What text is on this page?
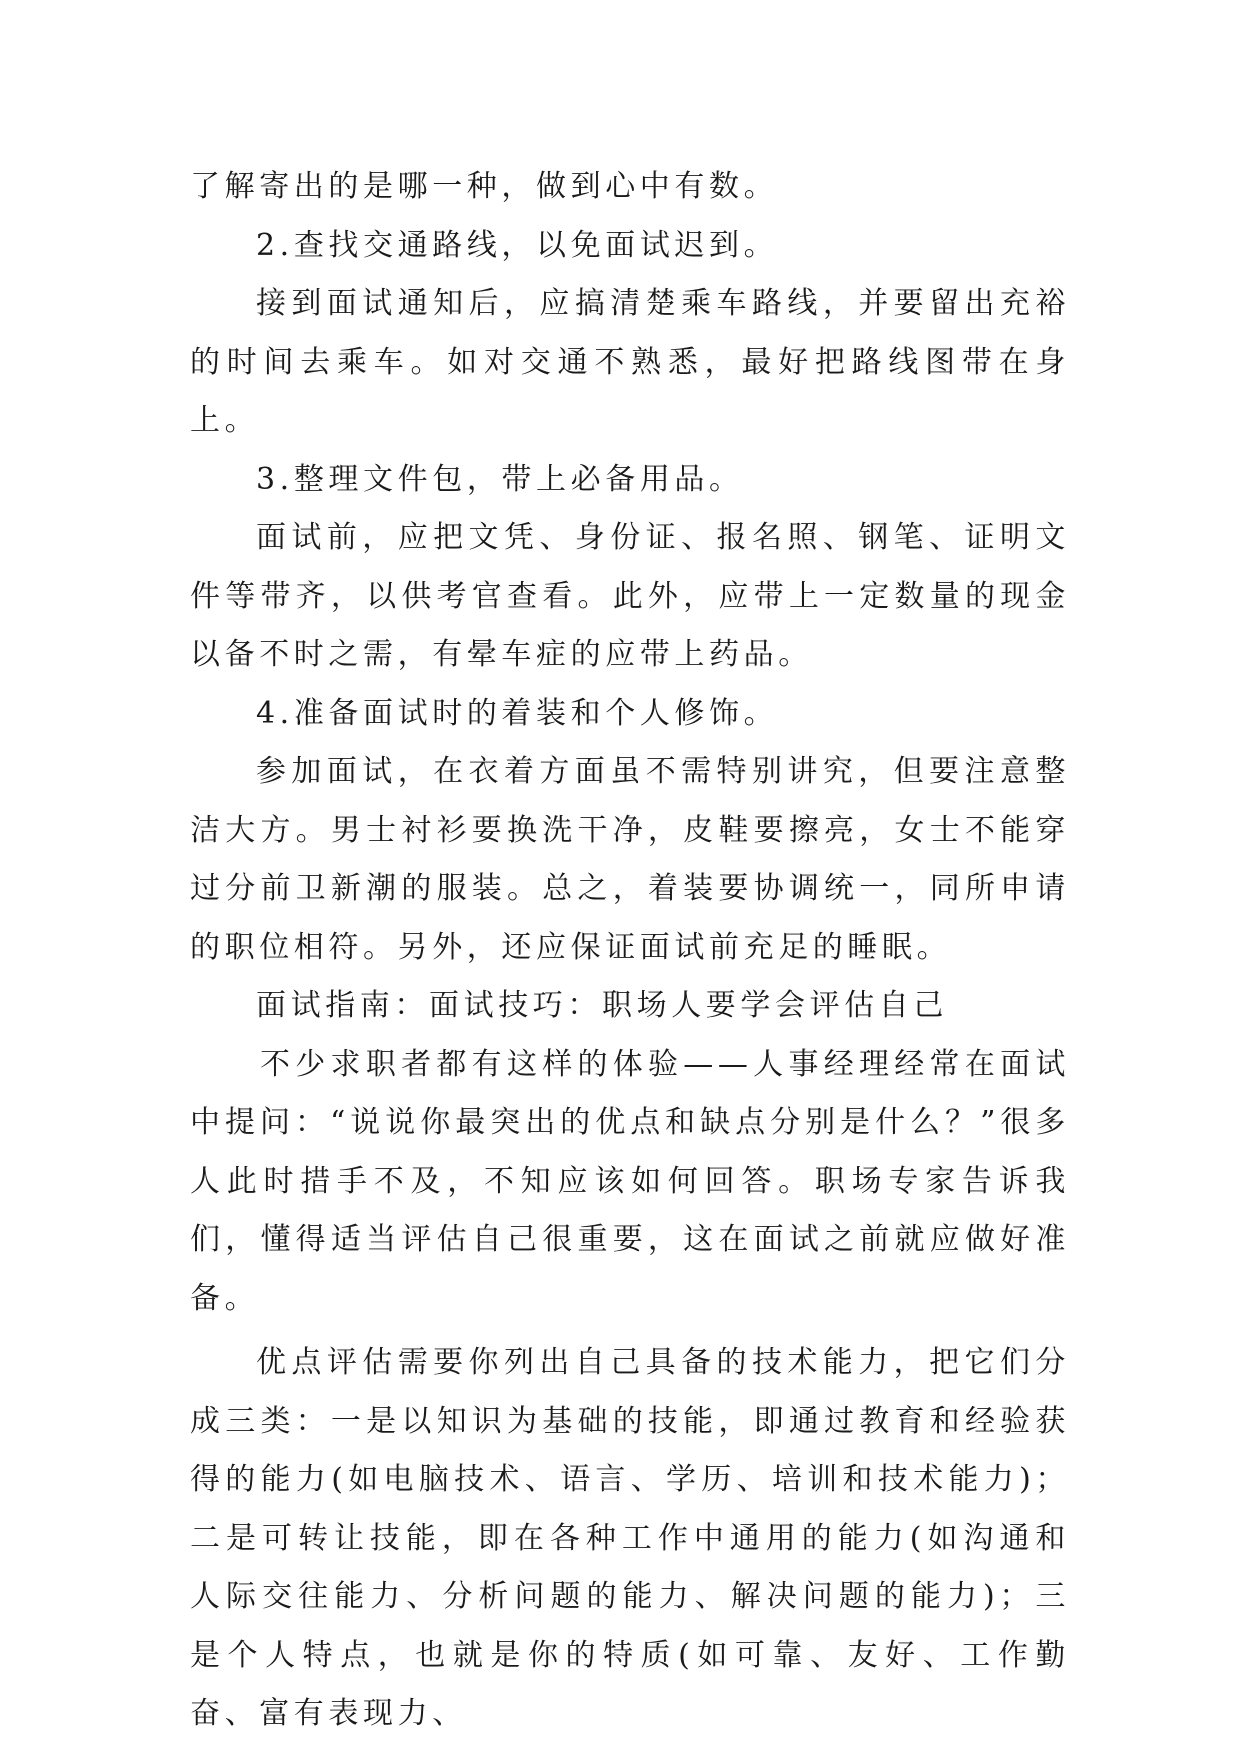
了解寄出的是哪一种，做到心中有数。

2.查找交通路线，以免面试迟到。

接到面试通知后，应搞清楚乘车路线，并要留出充裕的时间去乘车。如对交通不熟悉，最好把路线图带在身上。

3.整理文件包，带上必备用品。

面试前，应把文凭、身份证、报名照、钢笔、证明文件等带齐，以供考官查看。此外，应带上一定数量的现金以备不时之需，有晕车症的应带上药品。

4.准备面试时的着装和个人修饰。

参加面试，在衣着方面虽不需特别讲究，但要注意整洁大方。男士衬衫要换洗干净，皮鞋要擦亮，女士不能穿过分前卫新潮的服装。总之，着装要协调统一，同所申请的职位相符。另外，还应保证面试前充足的睡眠。

面试指南：面试技巧：职场人要学会评估自己

不少求职者都有这样的体验——人事经理经常在面试中提问：“说说你最突出的优点和缺点分别是什么？”很多人此时措手不及，不知应该如何回答。职场专家告诉我们，懂得适当评估自己很重要，这在面试之前就应做好准备。

优点评估需要你列出自己具备的技术能力，把它们分成三类：一是以知识为基础的技能，即通过教育和经验获得的能力(如电脑技术、语言、学历、培训和技术能力)；二是可转让技能，即在各种工作中通用的能力(如沟通和人际交往能力、分析问题的能力、解决问题的能力)；三是个人特点，也就是你的特质(如可靠、友好、工作勤奋、富有表现力、
